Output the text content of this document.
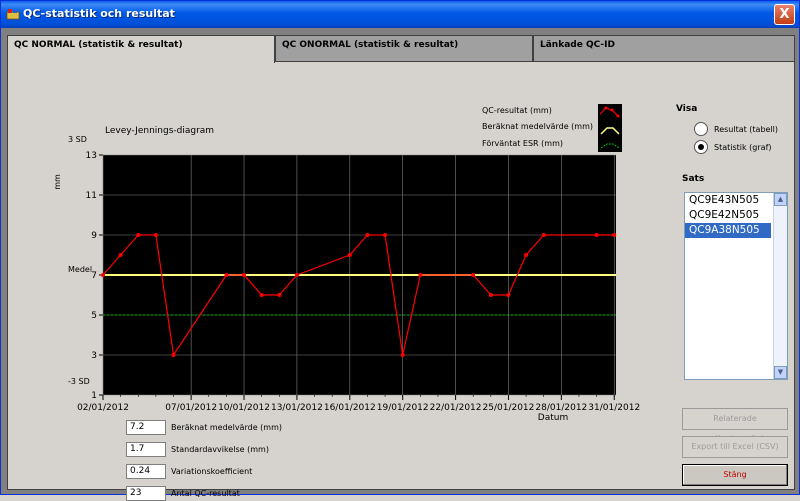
QC-statistik och resultat	X
QC NORMAL (statistik & resultat)	QC ONORMAL (statistik & resultat)	Länkade QC-ID
QC-resultat (mm)
Beräknat medelvärde (mm)
Förväntat ESR (mm)
1
3
5
7
9
11
13
02/01/2012	07/01/2012 10/01/2012 13/01/2012 16/01/2012 19/01/2012 22/01/2012 25/01/2012 28/01/2012 31/01/2012
Levey-Jennings-diagram
mm
Datum
3 SD
Medel
-3 SD
Visa
Resultat (tabell)
Statistik (graf)
Sats
QC9E43N505
QC9E42N505
QC9A38N505
▲
▼
7.2	Beräknat medelvärde (mm)
1.7	Standardavvikelse (mm)
0.24	Variationskoefficient
23	Antal QC-resultat
Relaterade
Export till Excel (CSV)
Stäng
